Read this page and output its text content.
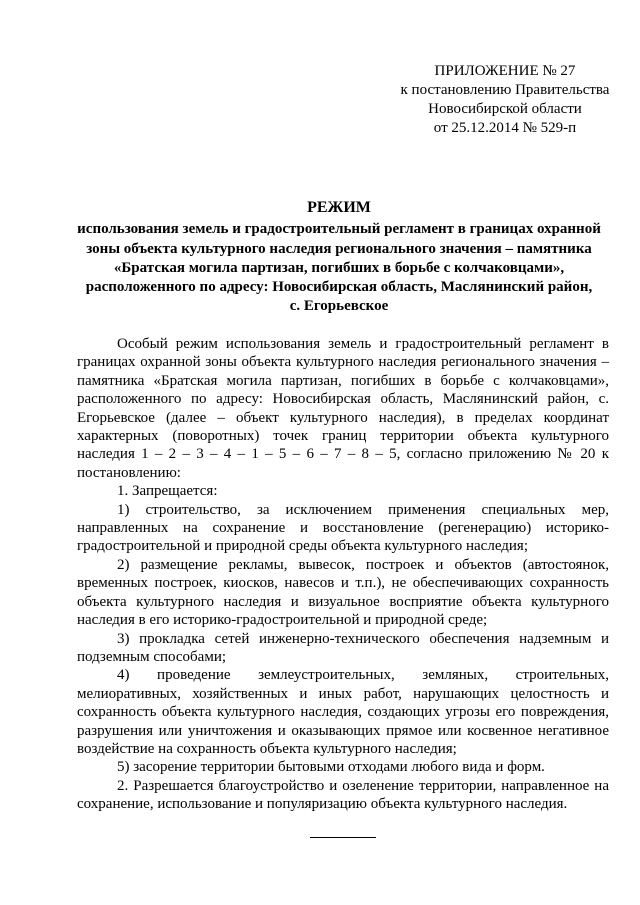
ПРИЛОЖЕНИЕ № 27
к постановлению Правительства
Новосибирской области
от 25.12.2014 № 529-п
РЕЖИМ
использования земель и градостроительный регламент в границах охранной
зоны объекта культурного наследия регионального значения – памятника
«Братская могила партизан, погибших в борьбе с колчаковцами»,
расположенного по адресу: Новосибирская область, Маслянинский район,
с. Егорьевское

Особый режим использования земель и градостроительный регламент в границах охранной зоны объекта культурного наследия регионального значения – памятника «Братская могила партизан, погибших в борьбе с колчаковцами», расположенного по адресу: Новосибирская область, Маслянинский район, с. Егорьевское (далее – объект культурного наследия), в пределах координат характерных (поворотных) точек границ территории объекта культурного наследия 1 – 2 – 3 – 4 – 1 – 5 – 6 – 7 – 8 – 5, согласно приложению № 20 к постановлению:

1. Запрещается:

1) строительство, за исключением применения специальных мер, направленных на сохранение и восстановление (регенерацию) историко-градостроительной и природной среды объекта культурного наследия;

2) размещение рекламы, вывесок, построек и объектов (автостоянок, временных построек, киосков, навесов и т.п.), не обеспечивающих сохранность объекта культурного наследия и визуальное восприятие объекта культурного наследия в его историко-градостроительной и природной среде;

3) прокладка сетей инженерно-технического обеспечения надземным и подземным способами;

4) проведение землеустроительных, земляных, строительных, мелиоративных, хозяйственных и иных работ, нарушающих целостность и сохранность объекта культурного наследия, создающих угрозы его повреждения, разрушения или уничтожения и оказывающих прямое или косвенное негативное воздействие на сохранность объекта культурного наследия;

5) засорение территории бытовыми отходами любого вида и форм.

2. Разрешается благоустройство и озеленение территории, направленное на сохранение, использование и популяризацию объекта культурного наследия.
